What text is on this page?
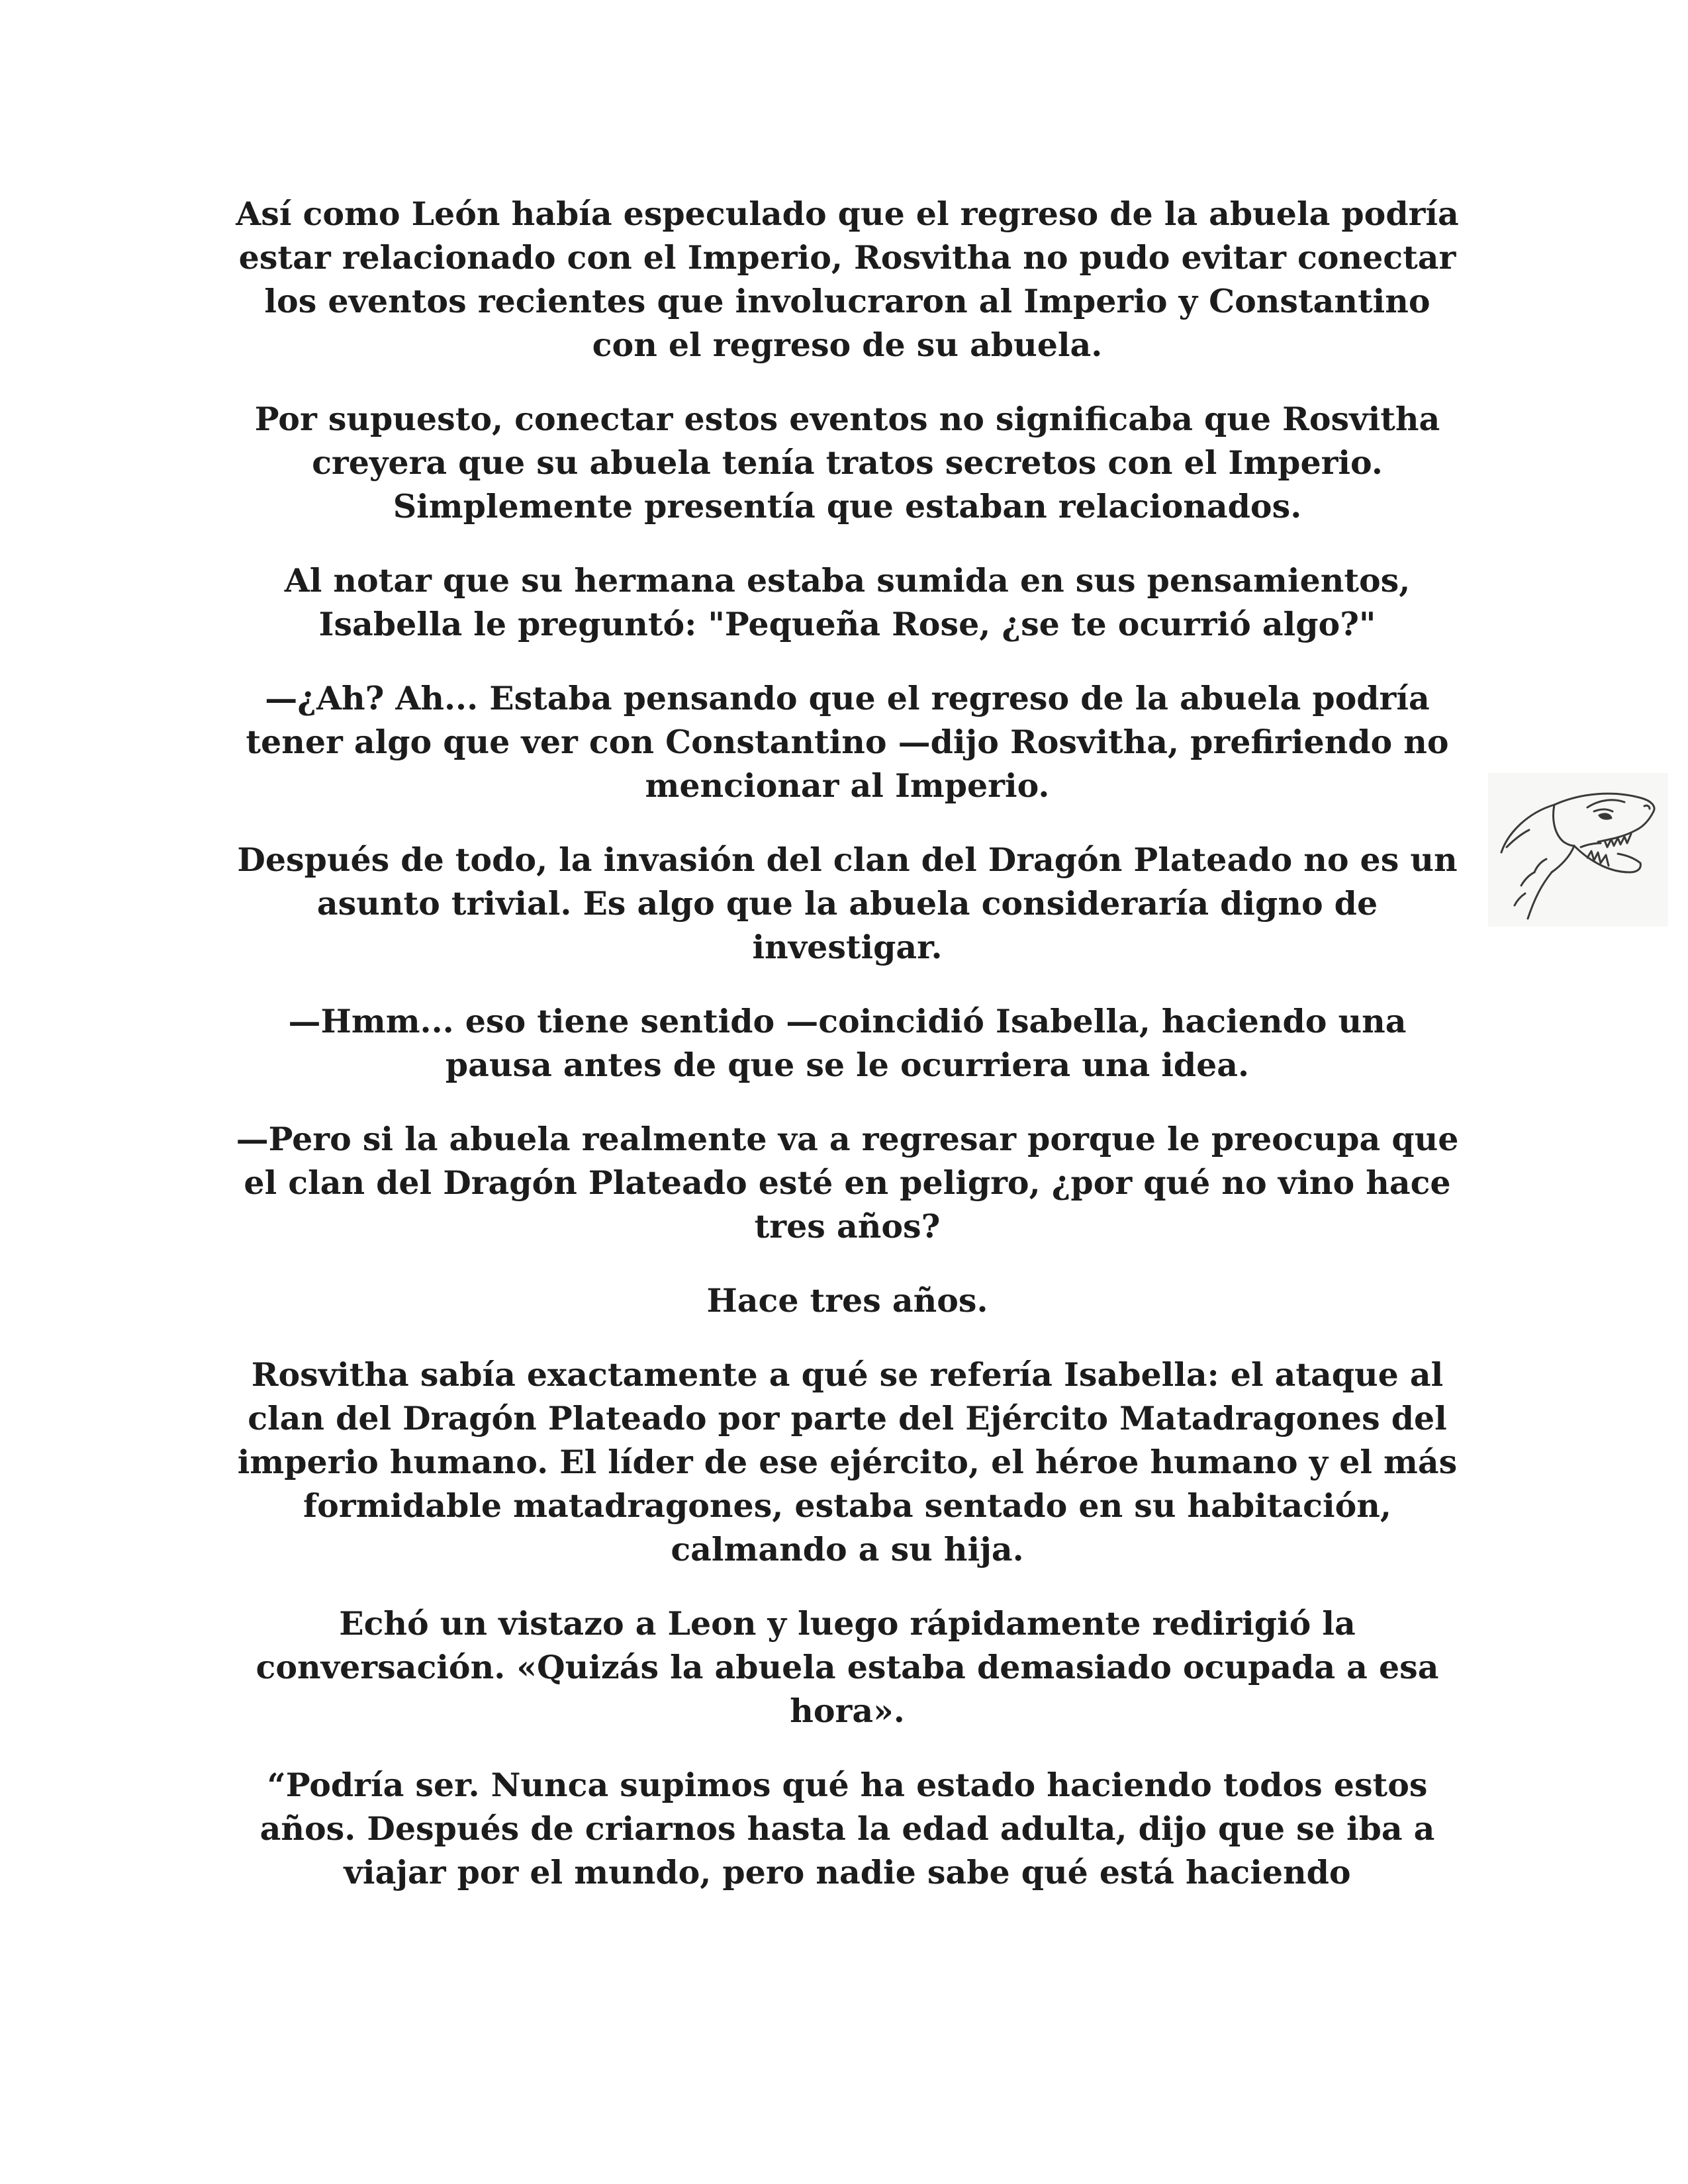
Así como León había especulado que el regreso de la abuela podría estar relacionado con el Imperio, Rosvitha no pudo evitar conectar los eventos recientes que involucraron al Imperio y Constantino con el regreso de su abuela.

Por supuesto, conectar estos eventos no significaba que Rosvitha creyera que su abuela tenía tratos secretos con el Imperio. Simplemente presentía que estaban relacionados.

Al notar que su hermana estaba sumida en sus pensamientos, Isabella le preguntó: "Pequeña Rose, ¿se te ocurrió algo?"

—¿Ah? Ah... Estaba pensando que el regreso de la abuela podría tener algo que ver con Constantino —dijo Rosvitha, prefiriendo no mencionar al Imperio.

Después de todo, la invasión del clan del Dragón Plateado no es un asunto trivial. Es algo que la abuela consideraría digno de investigar.

—Hmm... eso tiene sentido —coincidió Isabella, haciendo una pausa antes de que se le ocurriera una idea.

—Pero si la abuela realmente va a regresar porque le preocupa que el clan del Dragón Plateado esté en peligro, ¿por qué no vino hace tres años?

Hace tres años.

Rosvitha sabía exactamente a qué se refería Isabella: el ataque al clan del Dragón Plateado por parte del Ejército Matadragones del imperio humano. El líder de ese ejército, el héroe humano y el más formidable matadragones, estaba sentado en su habitación, calmando a su hija.

Echó un vistazo a Leon y luego rápidamente redirigió la conversación. «Quizás la abuela estaba demasiado ocupada a esa hora».

“Podría ser. Nunca supimos qué ha estado haciendo todos estos años. Después de criarnos hasta la edad adulta, dijo que se iba a viajar por el mundo, pero nadie sabe qué está haciendo
